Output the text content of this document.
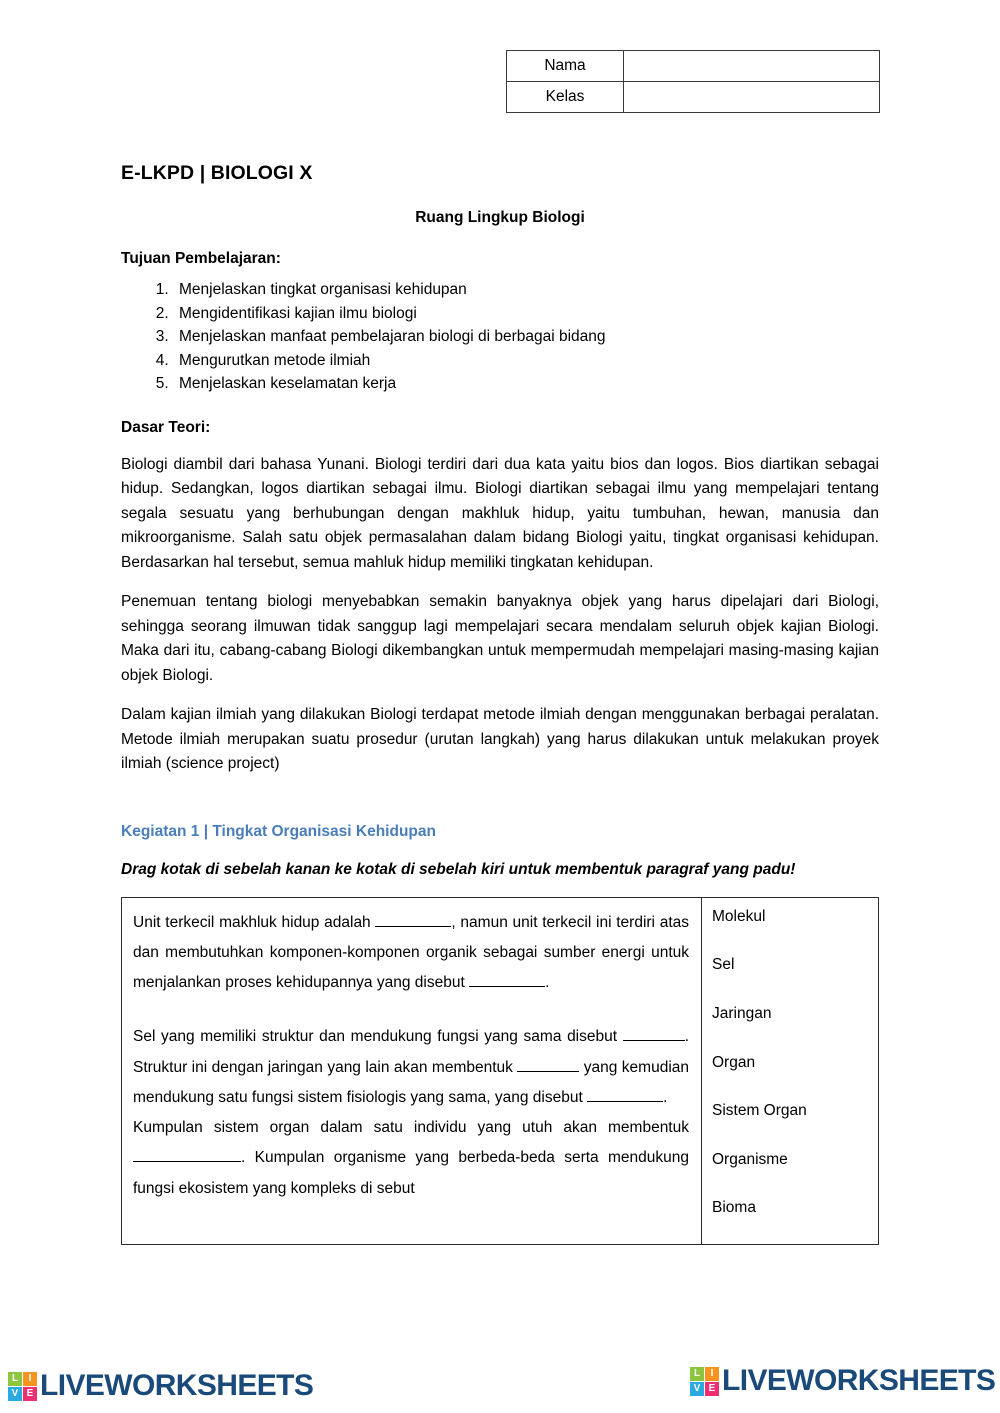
Nama	
Kelas	
E-LKPD | BIOLOGI X
Ruang Lingkup Biologi
Tujuan Pembelajaran:
1. Menjelaskan tingkat organisasi kehidupan
2. Mengidentifikasi kajian ilmu biologi
3. Menjelaskan manfaat pembelajaran biologi di berbagai bidang
4. Mengurutkan metode ilmiah
5. Menjelaskan keselamatan kerja
Dasar Teori:

Biologi diambil dari bahasa Yunani. Biologi terdiri dari dua kata yaitu bios dan logos. Bios diartikan sebagai hidup. Sedangkan, logos diartikan sebagai ilmu. Biologi diartikan sebagai ilmu yang mempelajari tentang segala sesuatu yang berhubungan dengan makhluk hidup, yaitu tumbuhan, hewan, manusia dan mikroorganisme. Salah satu objek permasalahan dalam bidang Biologi yaitu, tingkat organisasi kehidupan. Berdasarkan hal tersebut, semua mahluk hidup memiliki tingkatan kehidupan.

Penemuan tentang biologi menyebabkan semakin banyaknya objek yang harus dipelajari dari Biologi, sehingga seorang ilmuwan tidak sanggup lagi mempelajari secara mendalam seluruh objek kajian Biologi. Maka dari itu, cabang-cabang Biologi dikembangkan untuk mempermudah mempelajari masing-masing kajian objek Biologi.

Dalam kajian ilmiah yang dilakukan Biologi terdapat metode ilmiah dengan menggunakan berbagai peralatan. Metode ilmiah merupakan suatu prosedur (urutan langkah) yang harus dilakukan untuk melakukan proyek ilmiah (science project)

Kegiatan 1 | Tingkat Organisasi Kehidupan
Drag kotak di sebelah kanan ke kotak di sebelah kiri untuk membentuk paragraf yang padu!

Unit terkecil makhluk hidup adalah	, namun unit terkecil ini terdiri atas dan membutuhkan komponen-komponen organik sebagai sumber energi untuk menjalankan proses kehidupannya yang disebut	.

Sel yang memiliki struktur dan mendukung fungsi yang sama disebut	. Struktur ini dengan jaringan yang lain akan membentuk	yang kemudian mendukung satu fungsi sistem fisiologis yang sama, yang disebut	.

Kumpulan sistem organ dalam satu individu yang utuh akan membentuk . Kumpulan organisme yang berbeda-beda serta mendukung fungsi ekosistem yang kompleks di sebut

Molekul
Sel
Jaringan
Organ
Sistem Organ
Organisme
Bioma
L	I
V E LIVEWORKSHEETS	L	I
V E LIVEWORKSHEETS
